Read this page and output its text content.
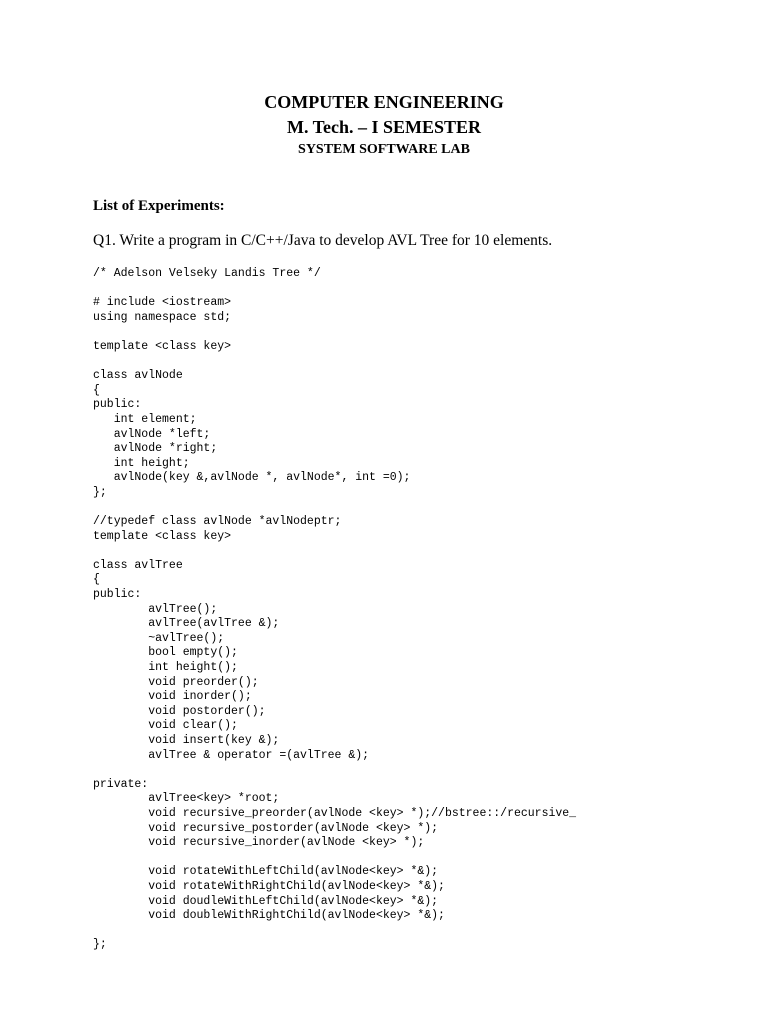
COMPUTER ENGINEERING
M. Tech. – I SEMESTER
SYSTEM SOFTWARE LAB
List of Experiments:
Q1. Write a program in C/C++/Java to develop AVL Tree for 10 elements.
/* Adelson Velseky Landis Tree */
# include <iostream>
using namespace std;
template <class key>
class avlNode
{
public:
int element;
avlNode *left;
avlNode *right;
int height;
avlNode(key &,avlNode *, avlNode*, int =0);
};
//typedef class avlNode *avlNodeptr;
template <class key>
class avlTree
{
public:
avlTree();
avlTree(avlTree &);
~avlTree();
bool empty();
int height();
void preorder();
void inorder();
void postorder();
void clear();
void insert(key &);
avlTree & operator =(avlTree &);
private:
avlTree<key> *root;
void recursive_preorder(avlNode <key> *);//bstree::/recursive_
void recursive_postorder(avlNode <key> *);
void recursive_inorder(avlNode <key> *);
void rotateWithLeftChild(avlNode<key> *&);
void rotateWithRightChild(avlNode<key> *&);
void doudleWithLeftChild(avlNode<key> *&);
void doubleWithRightChild(avlNode<key> *&);
};
